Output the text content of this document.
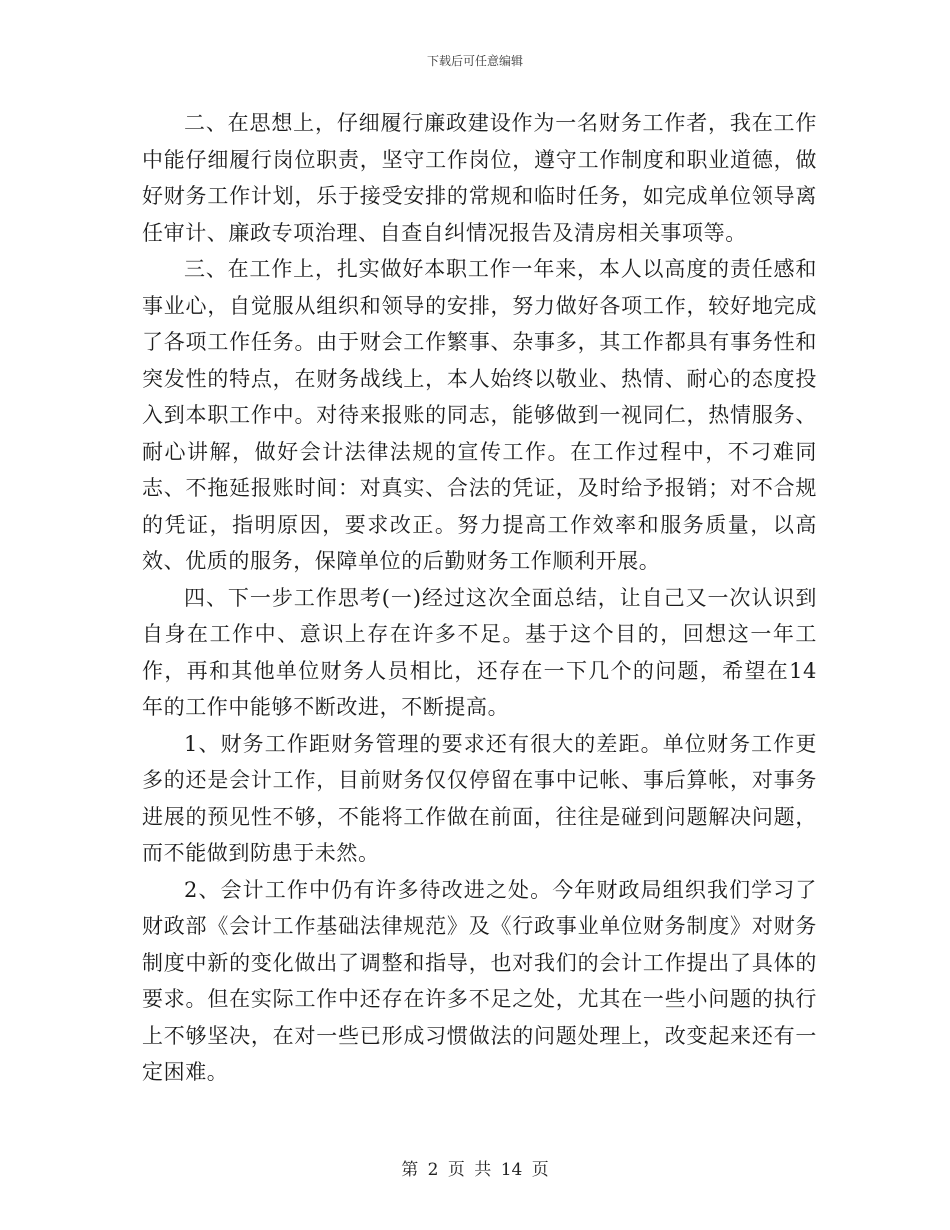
下载后可任意编辑

二、在思想上，仔细履行廉政建设作为一名财务工作者，我在工作中能仔细履行岗位职责，坚守工作岗位，遵守工作制度和职业道德，做好财务工作计划，乐于接受安排的常规和临时任务，如完成单位领导离任审计、廉政专项治理、自查自纠情况报告及清房相关事项等。

三、在工作上，扎实做好本职工作一年来，本人以高度的责任感和事业心，自觉服从组织和领导的安排，努力做好各项工作，较好地完成了各项工作任务。由于财会工作繁事、杂事多，其工作都具有事务性和突发性的特点，在财务战线上，本人始终以敬业、热情、耐心的态度投入到本职工作中。对待来报账的同志，能够做到一视同仁，热情服务、耐心讲解，做好会计法律法规的宣传工作。在工作过程中，不刁难同志、不拖延报账时间：对真实、合法的凭证，及时给予报销；对不合规的凭证，指明原因，要求改正。努力提高工作效率和服务质量，以高效、优质的服务，保障单位的后勤财务工作顺利开展。

四、下一步工作思考(一)经过这次全面总结，让自己又一次认识到自身在工作中、意识上存在许多不足。基于这个目的，回想这一年工作，再和其他单位财务人员相比，还存在一下几个的问题，希望在14年的工作中能够不断改进，不断提高。

1、财务工作距财务管理的要求还有很大的差距。单位财务工作更多的还是会计工作，目前财务仅仅停留在事中记帐、事后算帐，对事务进展的预见性不够，不能将工作做在前面，往往是碰到问题解决问题，而不能做到防患于未然。

2、会计工作中仍有许多待改进之处。今年财政局组织我们学习了财政部《会计工作基础法律规范》及《行政事业单位财务制度》对财务制度中新的变化做出了调整和指导，也对我们的会计工作提出了具体的要求。但在实际工作中还存在许多不足之处，尤其在一些小问题的执行上不够坚决，在对一些已形成习惯做法的问题处理上，改变起来还有一定困难。

第 2 页 共 14 页
